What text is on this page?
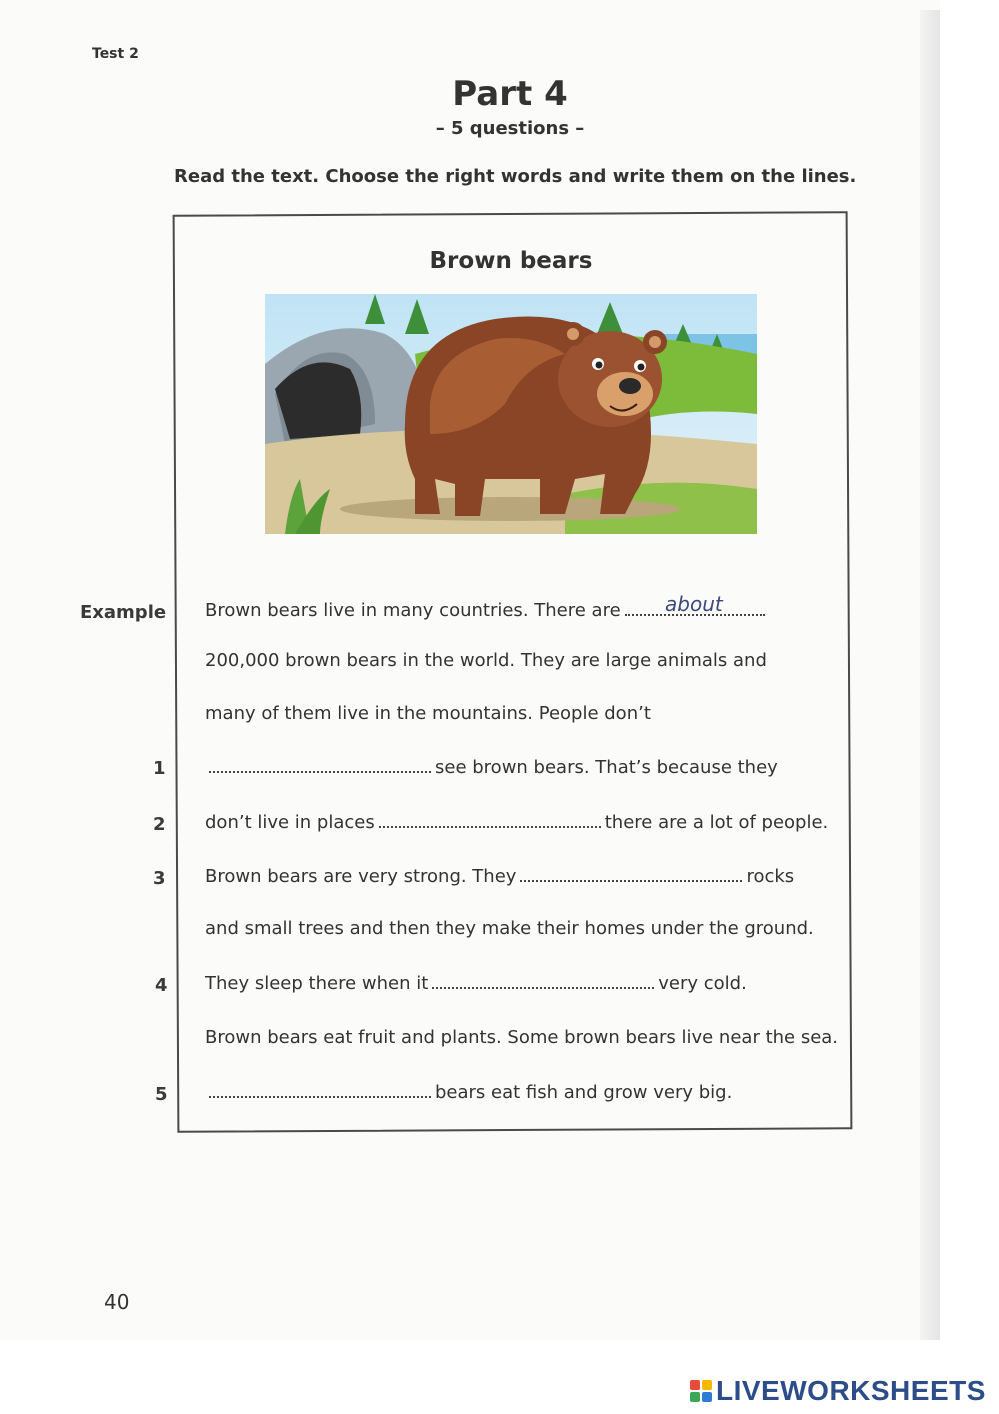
Test 2
Part 4
– 5 questions –
Read the text. Choose the right words and write them on the lines.
Brown bears
Example	about
Brown bears live in many countries. There are
200,000 brown bears in the world. They are large animals and
many of them live in the mountains. People don’t
1	see brown bears. That’s because they
2 don’t live in places	there are a lot of people.
3 Brown bears are very strong. They	rocks
and small trees and then they make their homes under the ground.
4 They sleep there when it	very cold.
Brown bears eat fruit and plants. Some brown bears live near the sea.
5	bears eat fish and grow very big.
40
LIVEWORKSHEETS
